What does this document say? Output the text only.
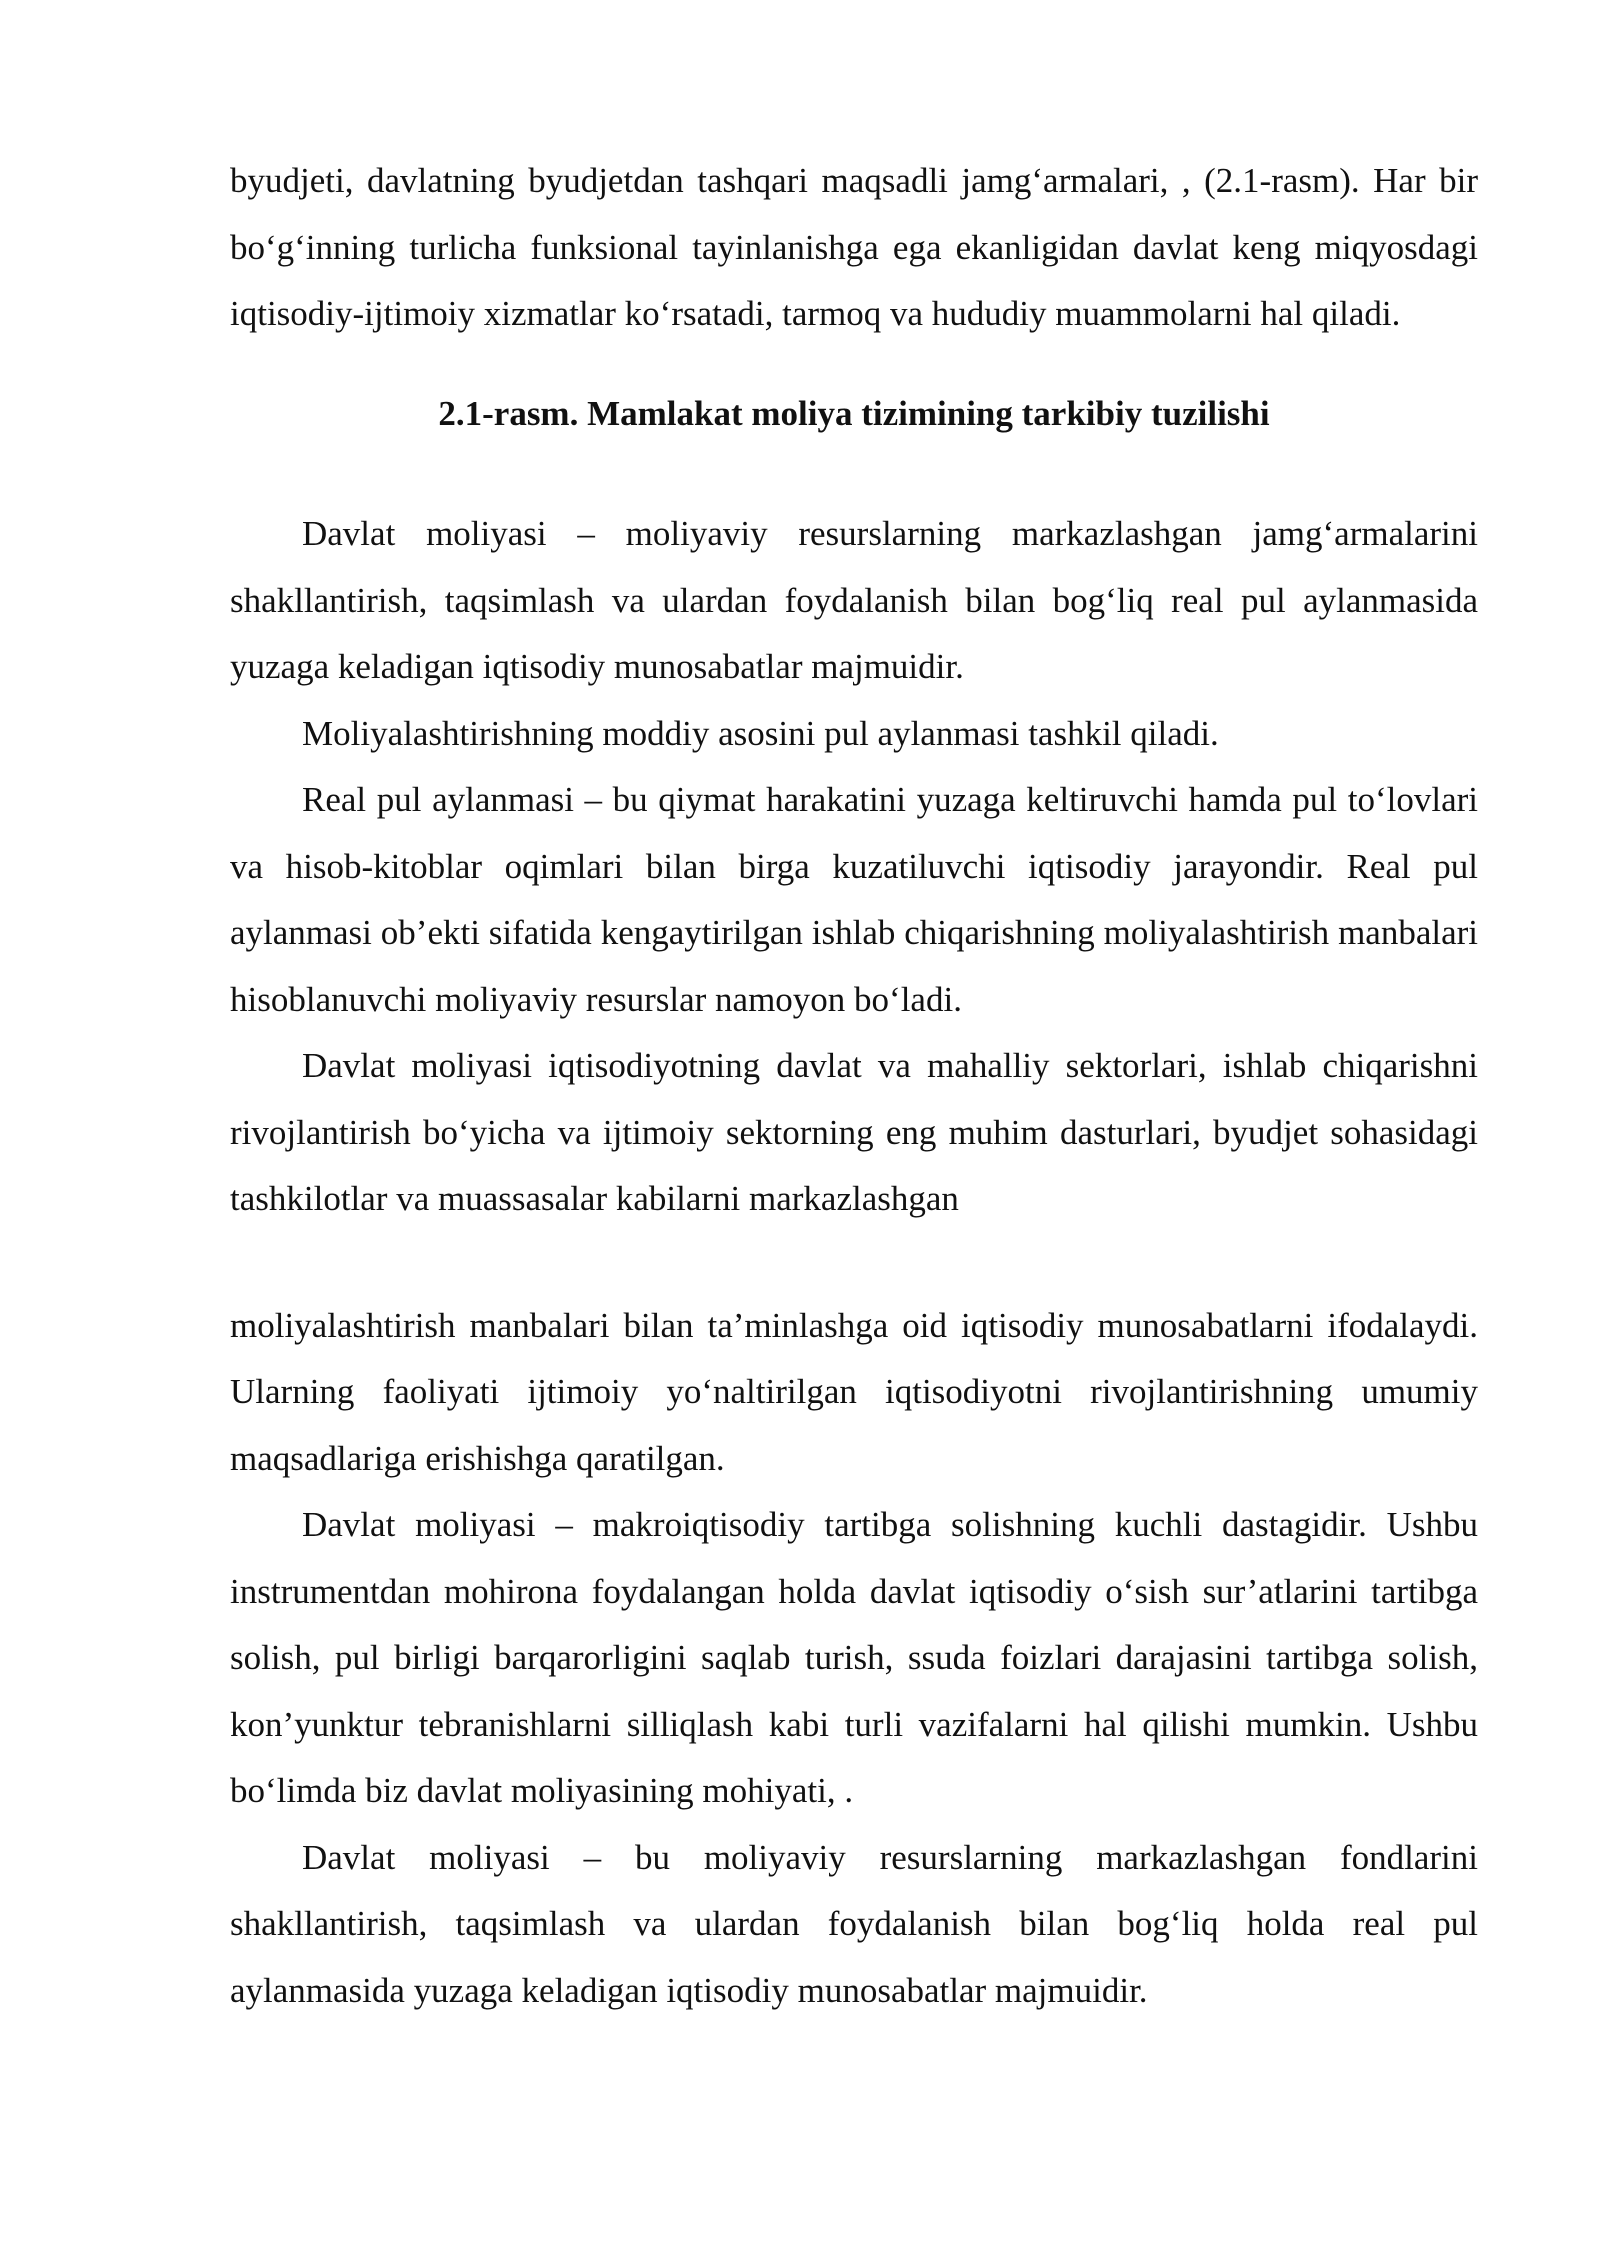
byudjeti, davlatning byudjetdan tashqari maqsadli jamg‘armalari, , (2.1-rasm). Har bir bo‘g‘inning turlicha funksional tayinlanishga ega ekanligidan davlat keng miqyosdagi iqtisodiy-ijtimoiy xizmatlar ko‘rsatadi, tarmoq va hududiy muammolarni hal qiladi.

2.1-rasm. Mamlakat moliya tizimining tarkibiy tuzilishi

Davlat moliyasi – moliyaviy resurslarning markazlashgan jamg‘armalarini shakllantirish, taqsimlash va ulardan foydalanish bilan bog‘liq real pul aylanmasida yuzaga keladigan iqtisodiy munosabatlar majmuidir.

Moliyalashtirishning moddiy asosini pul aylanmasi tashkil qiladi.

Real pul aylanmasi – bu qiymat harakatini yuzaga keltiruvchi hamda pul to‘lovlari va hisob-kitoblar oqimlari bilan birga kuzatiluvchi iqtisodiy jarayondir. Real pul aylanmasi ob’ekti sifatida kengaytirilgan ishlab chiqarishning moliyalashtirish manbalari hisoblanuvchi moliyaviy resurslar namoyon bo‘ladi.

Davlat moliyasi iqtisodiyotning davlat va mahalliy sektorlari, ishlab chiqarishni rivojlantirish bo‘yicha va ijtimoiy sektorning eng muhim dasturlari, byudjet sohasidagi tashkilotlar va muassasalar kabilarni markazlashgan

moliyalashtirish manbalari bilan ta’minlashga oid iqtisodiy munosabatlarni ifodalaydi. Ularning faoliyati ijtimoiy yo‘naltirilgan iqtisodiyotni rivojlantirishning umumiy maqsadlariga erishishga qaratilgan.

Davlat moliyasi – makroiqtisodiy tartibga solishning kuchli dastagidir. Ushbu instrumentdan mohirona foydalangan holda davlat iqtisodiy o‘sish sur’atlarini tartibga solish, pul birligi barqarorligini saqlab turish, ssuda foizlari darajasini tartibga solish, kon’yunktur tebranishlarni silliqlash kabi turli vazifalarni hal qilishi mumkin. Ushbu bo‘limda biz davlat moliyasining mohiyati, .

Davlat moliyasi – bu moliyaviy resurslarning markazlashgan fondlarini shakllantirish, taqsimlash va ulardan foydalanish bilan bog‘liq holda real pul aylanmasida yuzaga keladigan iqtisodiy munosabatlar majmuidir.
